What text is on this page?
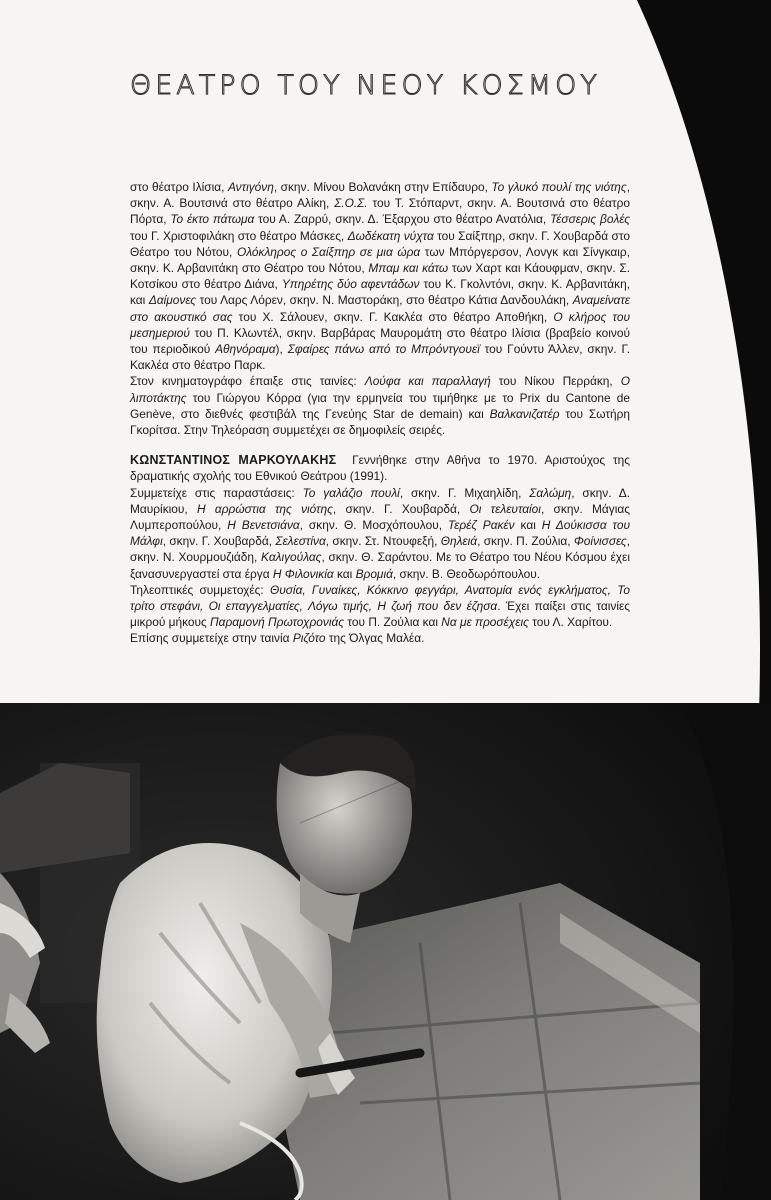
ΘΕΑΤΡΟ ΤΟΥ ΝΕΟΥ ΚΟΣΜΟΥ

στο θέατρο Ιλίσια, Αντιγόνη, σκην. Μίνου Βολανάκη στην Επίδαυρο, Το γλυκό πουλί της νιότης, σκην. Α. Βουτσινά στο θέατρο Αλίκη, Σ.Ο.Σ. του Τ. Στόπαρντ, σκην. Α. Βουτσινά στο θέατρο Πόρτα, Το έκτο πάτωμα του Α. Ζαρρύ, σκην. Δ. Έξαρχου στο θέατρο Ανατόλια, Τέσσερις βολές του Γ. Χριστοφιλάκη στο θέατρο Μάσκες, Δωδέκατη νύχτα του Σαίξπηρ, σκην. Γ. Χουβαρδά στο Θέατρο του Νότου, Ολόκληρος ο Σαίξπηρ σε μια ώρα των Μπόργερσον, Λονγκ και Σίνγκαιρ, σκην. Κ. Αρβανιτάκη στο Θέατρο του Νότου, Μπαμ και κάτω των Χαρτ και Κάουφμαν, σκην. Σ. Κοτσίκου στο θέατρο Διάνα, Υπηρέτης δύο αφεντάδων του Κ. Γκολντόνι, σκην. Κ. Αρβανιτάκη, και Δαίμονες του Λαρς Λόρεν, σκην. Ν. Μαστοράκη, στο θέατρο Κάτια Δανδουλάκη, Αναμείνατε στο ακουστικό σας του Χ. Σάλουεν, σκην. Γ. Κακλέα στο θέατρο Αποθήκη, Ο κλήρος του μεσημεριού του Π. Κλωντέλ, σκην. Βαρβάρας Μαυρομάτη στο θέατρο Ιλίσια (βραβείο κοινού του περιοδικού Αθηνόραμα), Σφαίρες πάνω από το Μπρόντγουεϊ του Γούντυ Άλλεν, σκην. Γ. Κακλέα στο θέατρο Παρκ.

Στον κινηματογράφο έπαιξε στις ταινίες: Λούφα και παραλλαγή του Νίκου Περράκη, Ο λιποτάκτης του Γιώργου Κόρρα (για την ερμηνεία του τιμήθηκε με το Prix du Cantone de Genève, στο διεθνές φεστιβάλ της Γενεύης Star de demain) και Βαλκανιζατέρ του Σωτήρη Γκορίτσα. Στην Τηλεόραση συμμετέχει σε δημοφιλείς σειρές.

ΚΩΝΣΤΑΝΤΙΝΟΣ ΜΑΡΚΟΥΛΑΚΗΣ Γεννήθηκε στην Αθήνα το 1970. Αριστούχος της δραματικής σχολής του Εθνικού Θεάτρου (1991).

Συμμετείχε στις παραστάσεις: Το γαλάζιο πουλί, σκην. Γ. Μιχαηλίδη, Σαλώμη, σκην. Δ. Μαυρίκιου, Η αρρώστια της νιότης, σκην. Γ. Χουβαρδά, Οι τελευταίοι, σκην. Μάγιας Λυμπεροπούλου, Η Βενετσιάνα, σκην. Θ. Μοσχόπουλου, Τερέζ Ρακέν και Η Δούκισσα του Μάλφι, σκην. Γ. Χουβαρδά, Σελεστίνα, σκην. Στ. Ντουφεξή, Θηλειά, σκην. Π. Ζούλια, Φοίνισσες, σκην. Ν. Χουρμουζιάδη, Καλιγούλας, σκην. Θ. Σαράντου. Με το Θέατρο του Νέου Κόσμου έχει ξανασυνεργαστεί στα έργα Η Φιλονικία και Βρομιά, σκην. Β. Θεοδωρόπουλου.

Τηλεοπτικές συμμετοχές: Θυσία, Γυναίκες, Κόκκινο φεγγάρι, Ανατομία ενός εγκλήματος, Το τρίτο στεφάνι, Οι επαγγελματίες, Λόγω τιμής, Η ζωή που δεν έζησα. Έχει παίξει στις ταινίες μικρού μήκους Παραμονή Πρωτοχρονιάς του Π. Ζούλια και Να με προσέχεις του Λ. Χαρίτου.

Επίσης συμμετείχε στην ταινία Ριζότο της Όλγας Μαλέα.
